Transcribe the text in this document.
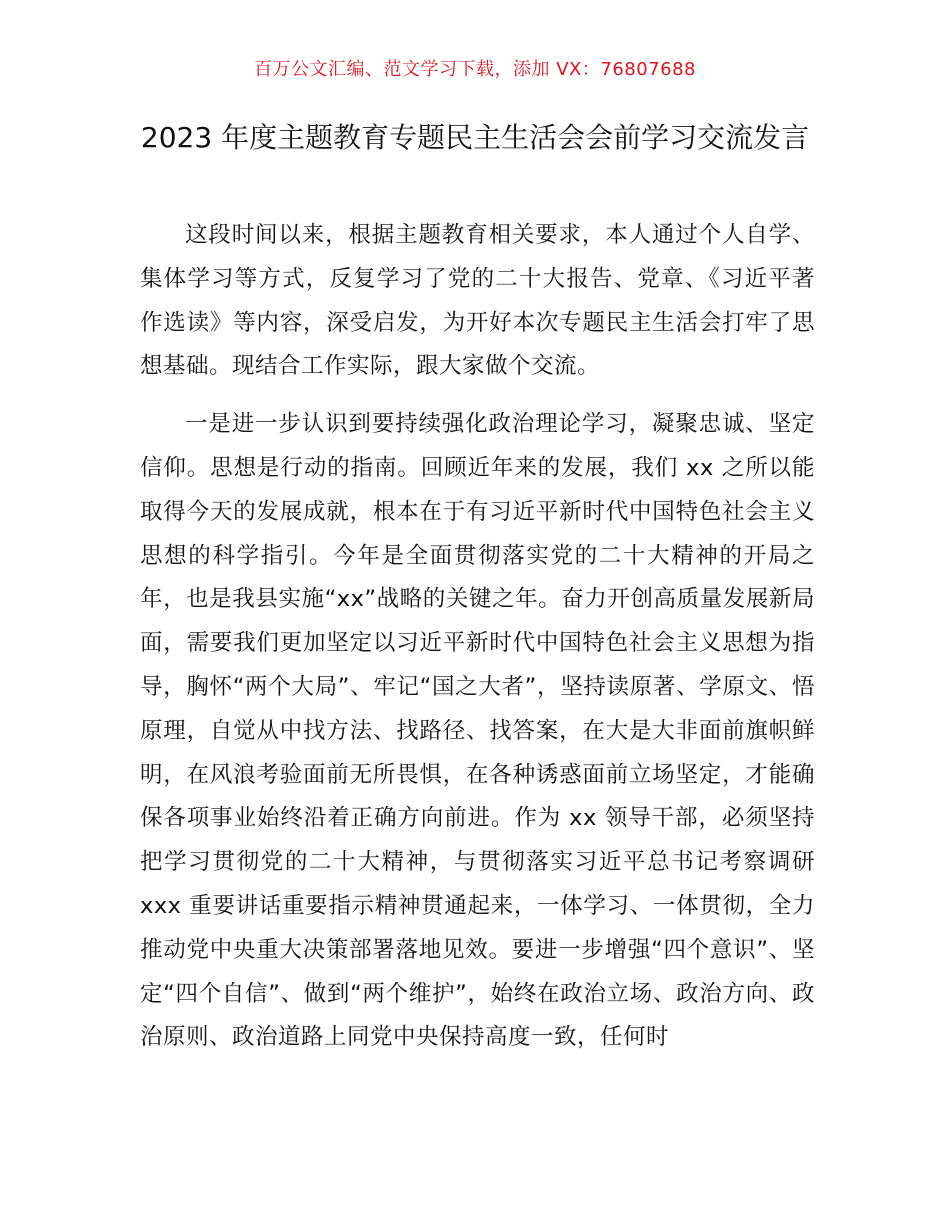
百万公文汇编、范文学习下载，添加 VX：76807688
2023 年度主题教育专题民主生活会会前学习交流发言

这段时间以来，根据主题教育相关要求，本人通过个人自学、集体学习等方式，反复学习了党的二十大报告、党章、《习近平著作选读》等内容，深受启发，为开好本次专题民主生活会打牢了思想基础。现结合工作实际，跟大家做个交流。

一是进一步认识到要持续强化政治理论学习，凝聚忠诚、坚定信仰。思想是行动的指南。回顾近年来的发展，我们 xx 之所以能取得今天的发展成就，根本在于有习近平新时代中国特色社会主义思想的科学指引。今年是全面贯彻落实党的二十大精神的开局之年，也是我县实施“xx”战略的关键之年。奋力开创高质量发展新局面，需要我们更加坚定以习近平新时代中国特色社会主义思想为指导，胸怀“两个大局”、牢记“国之大者”，坚持读原著、学原文、悟原理，自觉从中找方法、找路径、找答案，在大是大非面前旗帜鲜明，在风浪考验面前无所畏惧，在各种诱惑面前立场坚定，才能确保各项事业始终沿着正确方向前进。作为 xx 领导干部，必须坚持把学习贯彻党的二十大精神，与贯彻落实习近平总书记考察调研 xxx 重要讲话重要指示精神贯通起来，一体学习、一体贯彻，全力推动党中央重大决策部署落地见效。要进一步增强“四个意识”、坚定“四个自信”、做到“两个维护”，始终在政治立场、政治方向、政治原则、政治道路上同党中央保持高度一致，任何时
